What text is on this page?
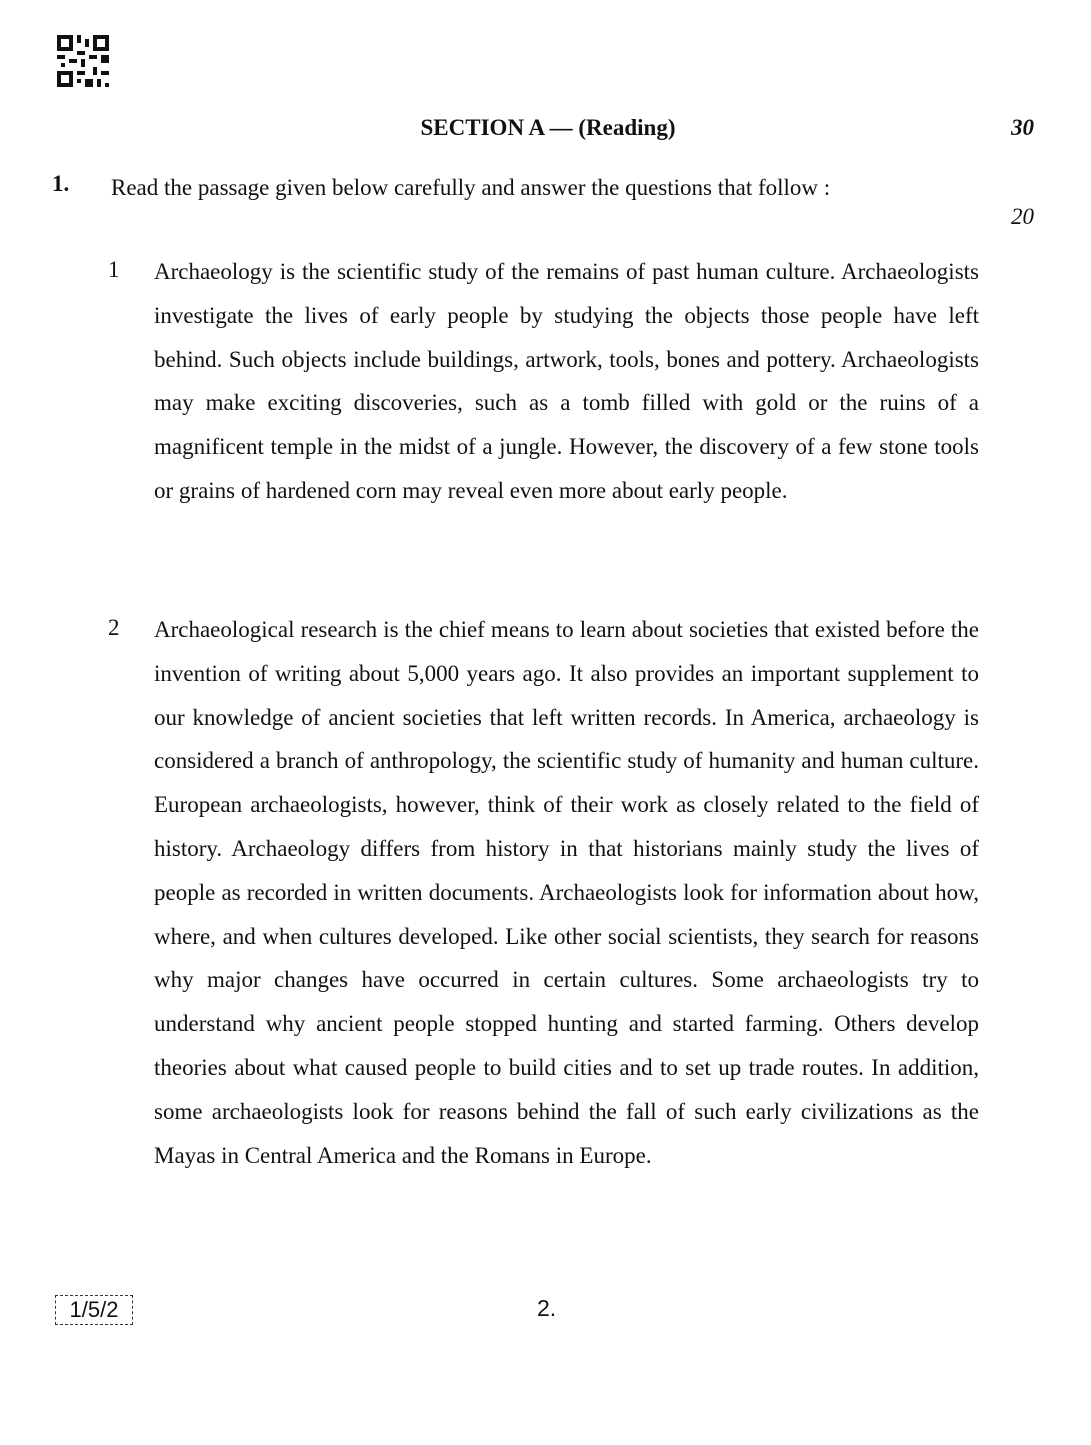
SECTION A — (Reading)	30
1. Read the passage given below carefully and answer the questions that follow :
20
1 Archaeology is the scientific study of the remains of past human culture. Archaeologists investigate the lives of early people by studying the objects those people have left behind. Such objects include buildings, artwork, tools, bones and pottery. Archaeologists may make exciting discoveries, such as a tomb filled with gold or the ruins of a magnificent temple in the midst of a jungle. However, the discovery of a few stone tools or grains of hardened corn may reveal even more about early people.
2 Archaeological research is the chief means to learn about societies that existed before the invention of writing about 5,000 years ago. It also provides an important supplement to our knowledge of ancient societies that left written records. In America, archaeology is considered a branch of anthropology, the scientific study of humanity and human culture. European archaeologists, however, think of their work as closely related to the field of history. Archaeology differs from history in that historians mainly study the lives of people as recorded in written documents. Archaeologists look for information about how, where, and when cultures developed. Like other social scientists, they search for reasons why major changes have occurred in certain cultures. Some archaeologists try to understand why ancient people stopped hunting and started farming. Others develop theories about what caused people to build cities and to set up trade routes. In addition, some archaeologists look for reasons behind the fall of such early civilizations as the Mayas in Central America and the Romans in Europe.
1/5/2	2.
